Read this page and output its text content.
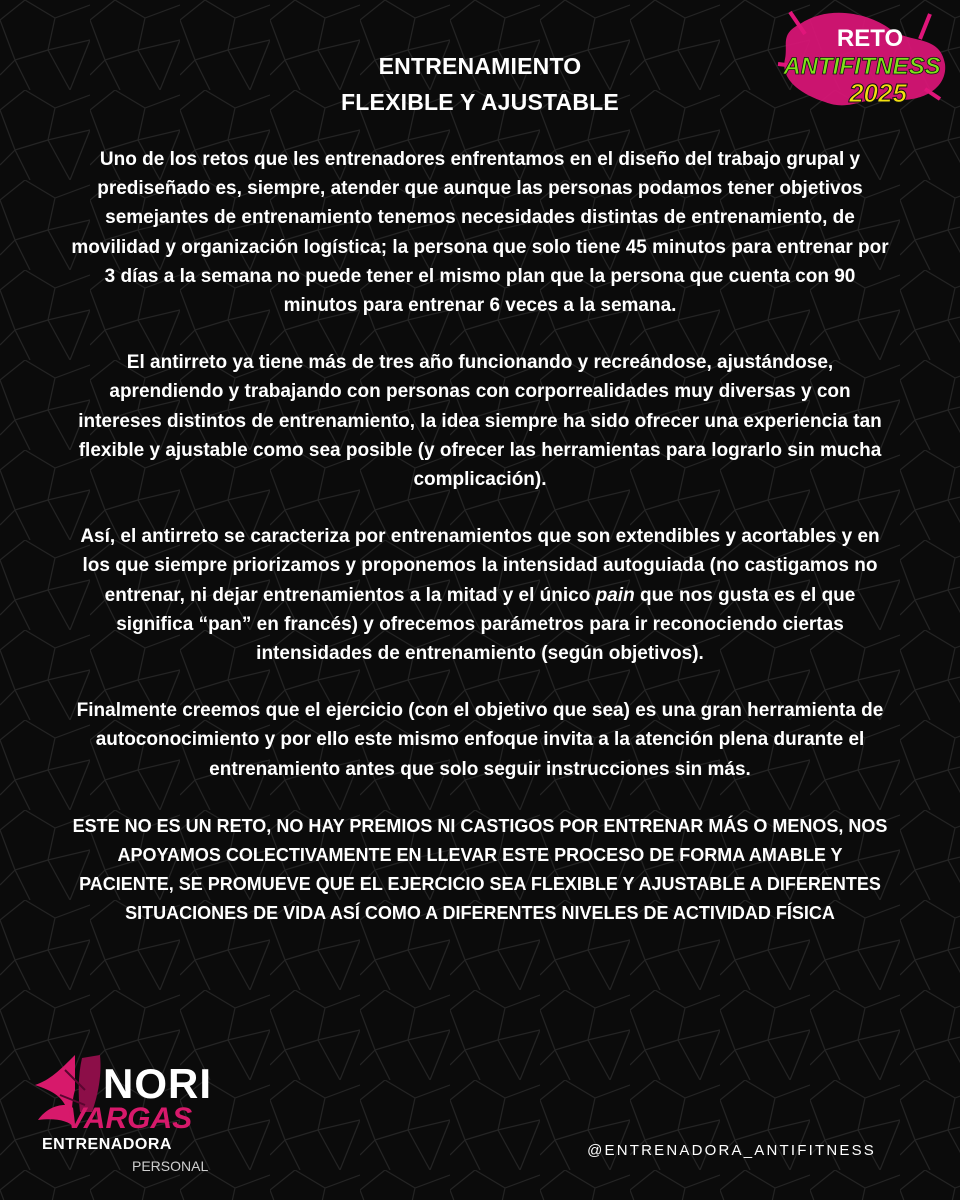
ENTRENAMIENTO
FLEXIBLE Y AJUSTABLE

Uno de los retos que les entrenadores enfrentamos en el diseño del trabajo grupal y prediseñado es, siempre, atender que aunque las personas podamos tener objetivos semejantes de entrenamiento tenemos necesidades distintas de entrenamiento, de movilidad y organización logística; la persona que solo tiene 45 minutos para entrenar por 3 días a la semana no puede tener el mismo plan que la persona que cuenta con 90 minutos para entrenar 6 veces a la semana.

El antirreto ya tiene más de tres año funcionando y recreándose, ajustándose, aprendiendo y trabajando con personas con corporrealidades muy diversas y con intereses distintos de entrenamiento, la idea siempre ha sido ofrecer una experiencia tan flexible y ajustable como sea posible (y ofrecer las herramientas para lograrlo sin mucha complicación).

Así, el antirreto se caracteriza por entrenamientos que son extendibles y acortables y en los que siempre priorizamos y proponemos la intensidad autoguiada (no castigamos no entrenar, ni dejar entrenamientos a la mitad y el único pain que nos gusta es el que significa “pan” en francés) y ofrecemos parámetros para ir reconociendo ciertas intensidades de entrenamiento (según objetivos).

Finalmente creemos que el ejercicio (con el objetivo que sea) es una gran herramienta de autoconocimiento y por ello este mismo enfoque invita a la atención plena durante el entrenamiento antes que solo seguir instrucciones sin más.

ESTE NO ES UN RETO, NO HAY PREMIOS NI CASTIGOS POR ENTRENAR MÁS O MENOS, NOS APOYAMOS COLECTIVAMENTE EN LLEVAR ESTE PROCESO DE FORMA AMABLE Y PACIENTE, SE PROMUEVE QUE EL EJERCICIO SEA FLEXIBLE Y AJUSTABLE A DIFERENTES SITUACIONES DE VIDA ASÍ COMO A DIFERENTES NIVELES DE ACTIVIDAD FÍSICA

RETO
ANTIFITNESS
2025
NORI
VARGAS
ENTRENADORA
PERSONAL
@ENTRENADORA_ANTIFITNESS
